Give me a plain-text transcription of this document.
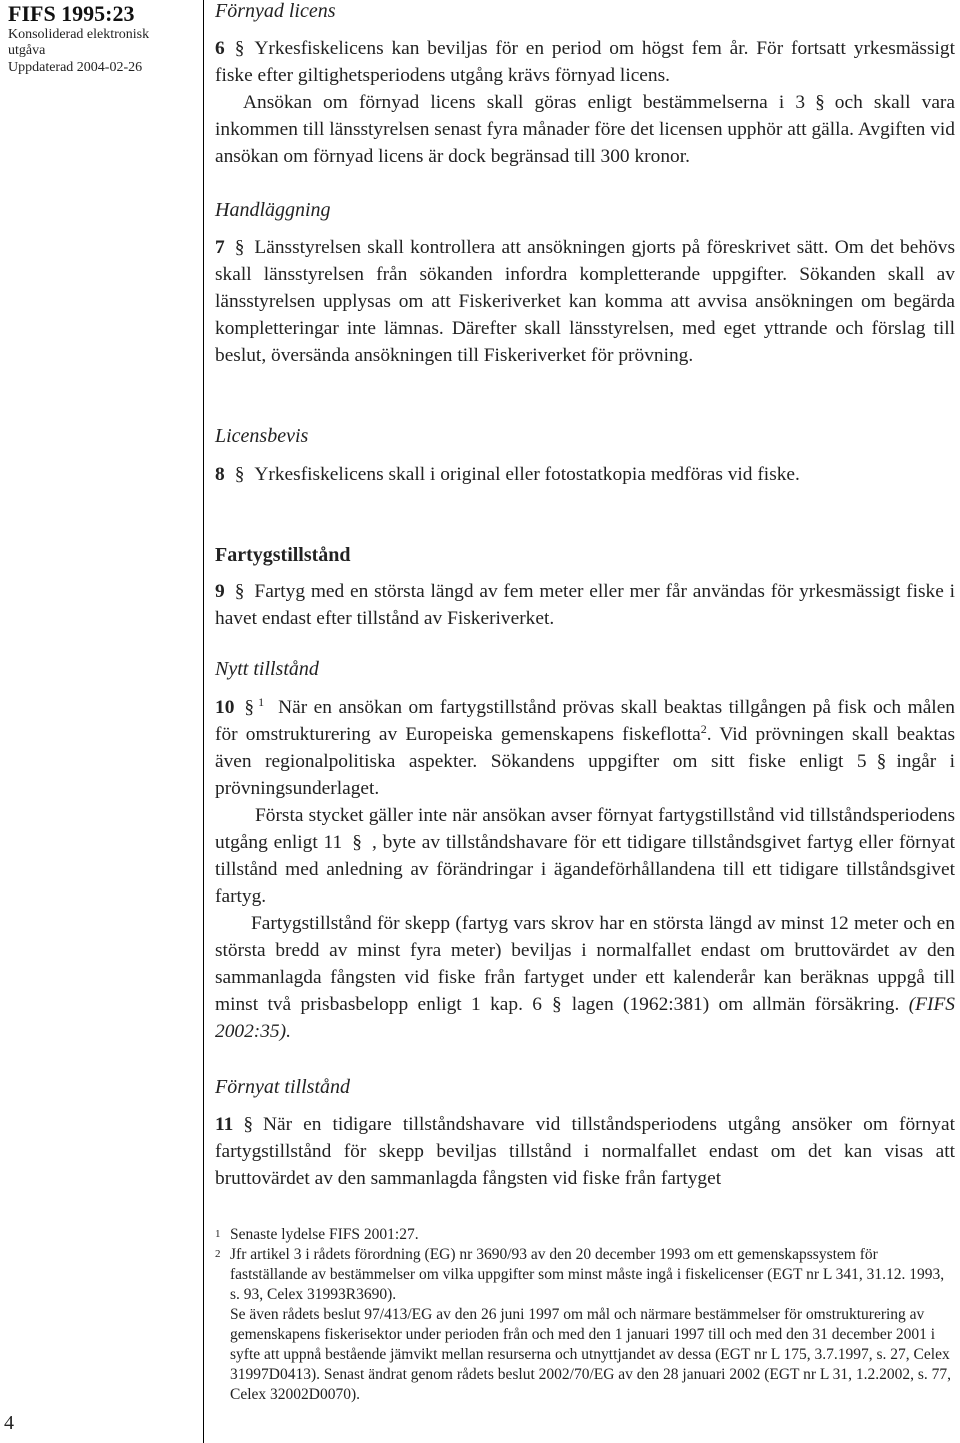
FIFS 1995:23
Konsoliderad elektronisk
utgåva
Uppdaterad 2004-02-26
4
Förnyad licens

6 § Yrkesfiskelicens kan beviljas för en period om högst fem år. För fortsatt yrkesmässigt fiske efter giltighetsperiodens utgång krävs förnyad licens.
Ansökan om förnyad licens skall göras enligt bestämmelserna i 3 § och skall vara inkommen till länsstyrelsen senast fyra månader före det licensen upphör att gälla. Avgiften vid ansökan om förnyad licens är dock begränsad till 300 kronor.

Handläggning

7 § Länsstyrelsen skall kontrollera att ansökningen gjorts på föreskrivet sätt. Om det behövs skall länsstyrelsen från sökanden infordra kompletterande uppgifter. Sökanden skall av länsstyrelsen upplysas om att Fiskeriverket kan komma att avvisa ansökningen om begärda kompletteringar inte lämnas. Därefter skall länsstyrelsen, med eget yttrande och förslag till beslut, översända ansökningen till Fiskeriverket för prövning.

Licensbevis

8 § Yrkesfiskelicens skall i original eller fotostatkopia medföras vid fiske.

Fartygstillstånd

9 § Fartyg med en största längd av fem meter eller mer får användas för yrkesmässigt fiske i havet endast efter tillstånd av Fiskeriverket.

Nytt tillstånd

10 § $^1$ När en ansökan om fartygstillstånd prövas skall beaktas tillgången på fisk och målen för omstrukturering av Europeiska gemenskapens fiskeflotta$^2$. Vid prövningen skall beaktas även regionalpolitiska aspekter. Sökandens uppgifter om sitt fiske enligt 5 § ingår i prövningsunderlaget.
Första stycket gäller inte när ansökan avser förnyat fartygstillstånd vid tillståndsperiodens utgång enligt 11 § , byte av tillståndshavare för ett tidigare tillståndsgivet fartyg eller förnyat tillstånd med anledning av förändringar i ägandeförhållandena till ett tidigare tillståndsgivet fartyg.
Fartygstillstånd för skepp (fartyg vars skrov har en största längd av minst 12 meter och en största bredd av minst fyra meter) beviljas i normalfallet endast om bruttovärdet av den sammanlagda fångsten vid fiske från fartyget under ett kalenderår kan beräknas uppgå till minst två prisbasbelopp enligt 1 kap. 6 § lagen (1962:381) om allmän försäkring. (FIFS 2002:35).

Förnyat tillstånd

11 § När en tidigare tillståndshavare vid tillståndsperiodens utgång ansöker om förnyat fartygstillstånd för skepp beviljas tillstånd i normalfallet endast om det kan visas att bruttovärdet av den sammanlagda fångsten vid fiske från fartyget

1 Senaste lydelse FIFS 2001:27.

2 Jfr artikel 3 i rådets förordning (EG) nr 3690/93 av den 20 december 1993 om ett gemenskapssystem för fastställande av bestämmelser om vilka uppgifter som minst måste ingå i fiskelicenser (EGT nr L 341, 31.12. 1993, s. 93, Celex 31993R3690).

Se även rådets beslut 97/413/EG av den 26 juni 1997 om mål och närmare bestämmelser för omstrukturering av gemenskapens fiskerisektor under perioden från och med den 1 januari 1997 till och med den 31 december 2001 i syfte att uppnå bestående jämvikt mellan resurserna och utnyttjandet av dessa (EGT nr L 175, 3.7.1997, s. 27, Celex 31997D0413). Senast ändrat genom rådets beslut 2002/70/EG av den 28 januari 2002 (EGT nr L 31, 1.2.2002, s. 77, Celex 32002D0070).
